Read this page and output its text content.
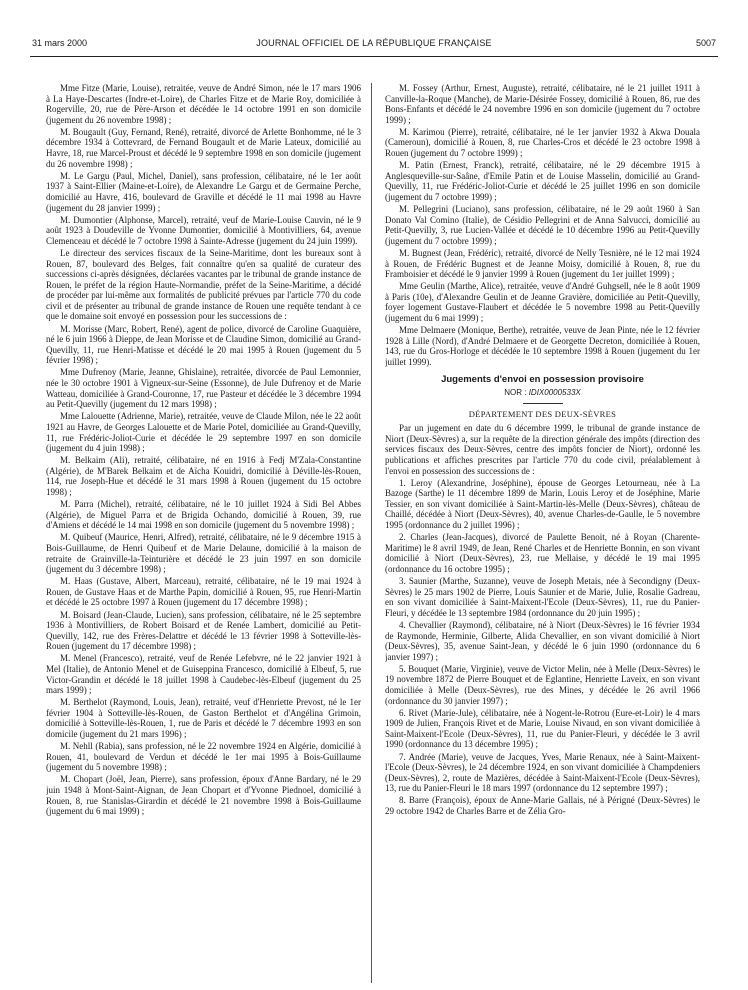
31 mars 2000	JOURNAL OFFICIEL DE LA RÉPUBLIQUE FRANÇAISE	5007

Mme Fitze (Marie, Louise), retraitée, veuve de André Simon, née le 17 mars 1906 à La Haye-Descartes (Indre-et-Loire), de Charles Fitze et de Marie Roy, domiciliée à Rogerville, 20, rue de Père-Arson et décédée le 14 octobre 1991 en son domicile (jugement du 26 novembre 1998) ;

M. Bougault (Guy, Fernand, René), retraité, divorcé de Arlette Bonhomme, né le 3 décembre 1934 à Cottevrard, de Fernand Bougault et de Marie Lateux, domicilié au Havre, 18, rue Marcel-Proust et décédé le 9 septembre 1998 en son domicile (jugement du 26 novembre 1998) ;

M. Le Gargu (Paul, Michel, Daniel), sans profession, célibataire, né le 1er août 1937 à Saint-Ellier (Maine-et-Loire), de Alexandre Le Gargu et de Germaine Perche, domicilié au Havre, 416, boulevard de Graville et décédé le 11 mai 1998 au Havre (jugement du 28 janvier 1999) ;

M. Dumontier (Alphonse, Marcel), retraité, veuf de Marie-Louise Cauvin, né le 9 août 1923 à Doudeville de Yvonne Dumontier, domicilié à Montivilliers, 64, avenue Clemenceau et décédé le 7 octobre 1998 à Sainte-Adresse (jugement du 24 juin 1999).

Le directeur des services fiscaux de la Seine-Maritime, dont les bureaux sont à Rouen, 87, boulevard des Belges, fait connaître qu'en sa qualité de curateur des successions ci-après désignées, déclarées vacantes par le tribunal de grande instance de Rouen, le préfet de la région Haute-Normandie, préfet de la Seine-Maritime, a décidé de procéder par lui-même aux formalités de publicité prévues par l'article 770 du code civil et de présenter au tribunal de grande instance de Rouen une requête tendant à ce que le domaine soit envoyé en possession pour les successions de :

M. Morisse (Marc, Robert, René), agent de police, divorcé de Caroline Guaquière, né le 6 juin 1966 à Dieppe, de Jean Morisse et de Claudine Simon, domicilié au Grand-Quevilly, 11, rue Henri-Matisse et décédé le 20 mai 1995 à Rouen (jugement du 5 février 1998) ;

Mme Dufrenoy (Marie, Jeanne, Ghislaine), retraitée, divorcée de Paul Lemonnier, née le 30 octobre 1901 à Vigneux-sur-Seine (Essonne), de Jule Dufrenoy et de Marie Watteau, domiciliée à Grand-Couronne, 17, rue Pasteur et décédée le 3 décembre 1994 au Petit-Quevilly (jugement du 12 mars 1998) ;

Mme Lalouette (Adrienne, Marie), retraitée, veuve de Claude Milon, née le 22 août 1921 au Havre, de Georges Lalouette et de Marie Potel, domiciliée au Grand-Quevilly, 11, rue Frédéric-Joliot-Curie et décédée le 29 septembre 1997 en son domicile (jugement du 4 juin 1998) ;

M. Belkaim (Ali), retraité, célibataire, né en 1916 à Fedj M'Zala-Constantine (Algérie), de M'Barek Belkaim et de Aïcha Kouidri, domicilié à Déville-lès-Rouen, 114, rue Joseph-Hue et décédé le 31 mars 1998 à Rouen (jugement du 15 octobre 1998) ;

M. Parra (Michel), retraité, célibataire, né le 10 juillet 1924 à Sidi Bel Abbes (Algérie), de Miguel Parra et de Brigida Ochando, domicilié à Rouen, 39, rue d'Amiens et décédé le 14 mai 1998 en son domicile (jugement du 5 novembre 1998) ;

M. Quibeuf (Maurice, Henri, Alfred), retraité, célibataire, né le 9 décembre 1915 à Bois-Guillaume, de Henri Quibeuf et de Marie Delaune, domicilié à la maison de retraite de Grainville-la-Teinturière et décédé le 23 juin 1997 en son domicile (jugement du 3 décembre 1998) ;

M. Haas (Gustave, Albert, Marceau), retraité, célibataire, né le 19 mai 1924 à Rouen, de Gustave Haas et de Marthe Papin, domicilié à Rouen, 95, rue Henri-Martin et décédé le 25 octobre 1997 à Rouen (jugement du 17 décembre 1998) ;

M. Boisard (Jean-Claude, Lucien), sans profession, célibataire, né le 25 septembre 1936 à Montivilliers, de Robert Boisard et de Renée Lambert, domicilié au Petit-Quevilly, 142, rue des Frères-Delattre et décédé le 13 février 1998 à Sotteville-lès-Rouen (jugement du 17 décembre 1998) ;

M. Menel (Francesco), retraité, veuf de Renée Lefebvre, né le 22 janvier 1921 à Mel (Italie), de Antonio Menel et de Guiseppina Francesco, domicilié à Elbeuf, 5, rue Victor-Grandin et décédé le 18 juillet 1998 à Caudebec-lès-Elbeuf (jugement du 25 mars 1999) ;

M. Berthelot (Raymond, Louis, Jean), retraité, veuf d'Henriette Prevost, né le 1er février 1904 à Sotteville-lès-Rouen, de Gaston Berthelot et d'Angélina Grimoin, domicilié à Sotteville-lès-Rouen, 1, rue de Paris et décédé le 7 décembre 1993 en son domicile (jugement du 21 mars 1996) ;

M. Nehll (Rabia), sans profession, né le 22 novembre 1924 en Algérie, domicilié à Rouen, 41, boulevard de Verdun et décédé le 1er mai 1995 à Bois-Guillaume (jugement du 5 novembre 1998) ;

M. Chopart (Joël, Jean, Pierre), sans profession, époux d'Anne Bardary, né le 29 juin 1948 à Mont-Saint-Aignan, de Jean Chopart et d'Yvonne Piednoel, domicilié à Rouen, 8, rue Stanislas-Girardin et décédé le 21 novembre 1998 à Bois-Guillaume (jugement du 6 mai 1999) ;

M. Fossey (Arthur, Ernest, Auguste), retraité, célibataire, né le 21 juillet 1911 à Canville-la-Roque (Manche), de Marie-Désirée Fossey, domicilié à Rouen, 86, rue des Bons-Enfants et décédé le 24 novembre 1996 en son domicile (jugement du 7 octobre 1999) ;

M. Karimou (Pierre), retraité, célibataire, né le 1er janvier 1932 à Akwa Douala (Cameroun), domicilié à Rouen, 8, rue Charles-Cros et décédé le 23 octobre 1998 à Rouen (jugement du 7 octobre 1999) ;

M. Patin (Ernest, Franck), retraité, célibataire, né le 29 décembre 1915 à Anglesqueville-sur-Saâne, d'Emile Patin et de Louise Masselin, domicilié au Grand-Quevilly, 11, rue Frédéric-Joliot-Curie et décédé le 25 juillet 1996 en son domicile (jugement du 7 octobre 1999) ;

M. Pellegrini (Luciano), sans profession, célibataire, né le 29 août 1960 à San Donato Val Comino (Italie), de Césidio Pellegrini et de Anna Salvucci, domicilié au Petit-Quevilly, 3, rue Lucien-Vallée et décédé le 10 décembre 1996 au Petit-Quevilly (jugement du 7 octobre 1999) ;

M. Bugnest (Jean, Frédéric), retraité, divorcé de Nelly Tesnière, né le 12 mai 1924 à Rouen, de Frédéric Bugnest et de Jeanne Moisy, domicilié à Rouen, 8, rue du Framboisier et décédé le 9 janvier 1999 à Rouen (jugement du 1er juillet 1999) ;

Mme Geulin (Marthe, Alice), retraitée, veuve d'André Guhgsell, née le 8 août 1909 à Paris (10e), d'Alexandre Geulin et de Jeanne Gravière, domiciliée au Petit-Quevilly, foyer logement Gustave-Flaubert et décédée le 5 novembre 1998 au Petit-Quevilly (jugement du 6 mai 1999) ;

Mme Delmaere (Monique, Berthe), retraitée, veuve de Jean Pinte, née le 12 février 1928 à Lille (Nord), d'André Delmaere et de Georgette Decreton, domiciliée à Rouen, 143, rue du Gros-Horloge et décédée le 10 septembre 1998 à Rouen (jugement du 1er juillet 1999).

Jugements d'envoi en possession provisoire
NOR : IDIX0000533X
DÉPARTEMENT DES DEUX-SÈVRES

Par un jugement en date du 6 décembre 1999, le tribunal de grande instance de Niort (Deux-Sèvres) a, sur la requête de la direction générale des impôts (direction des services fiscaux des Deux-Sèvres, centre des impôts foncier de Niort), ordonné les publications et affiches prescrites par l'article 770 du code civil, préalablement à l'envoi en possession des successions de :

1. Leroy (Alexandrine, Joséphine), épouse de Georges Letourneau, née à La Bazoge (Sarthe) le 11 décembre 1899 de Marin, Louis Leroy et de Joséphine, Marie Tessier, en son vivant domiciliée à Saint-Martin-lès-Melle (Deux-Sèvres), château de Chaillé, décédée à Niort (Deux-Sèvres), 40, avenue Charles-de-Gaulle, le 5 novembre 1995 (ordonnance du 2 juillet 1996) ;

2. Charles (Jean-Jacques), divorcé de Paulette Benoit, né à Royan (Charente-Maritime) le 8 avril 1949, de Jean, René Charles et de Henriette Bonnin, en son vivant domicilié à Niort (Deux-Sèvres), 23, rue Mellaise, y décédé le 19 mai 1995 (ordonnance du 16 octobre 1995) ;

3. Saunier (Marthe, Suzanne), veuve de Joseph Metais, née à Secondigny (Deux-Sèvres) le 25 mars 1902 de Pierre, Louis Saunier et de Marie, Julie, Rosalie Gadreau, en son vivant domiciliée à Saint-Maixent-l'Ecole (Deux-Sèvres), 11, rue du Panier-Fleuri, y décédée le 13 septembre 1984 (ordonnance du 20 juin 1995) ;

4. Chevallier (Raymond), célibataire, né à Niort (Deux-Sèvres) le 16 février 1934 de Raymonde, Herminie, Gilberte, Alida Chevallier, en son vivant domicilié à Niort (Deux-Sèvres), 35, avenue Saint-Jean, y décédé le 6 juin 1990 (ordonnance du 6 janvier 1997) ;

5. Bouquet (Marie, Virginie), veuve de Victor Melin, née à Melle (Deux-Sèvres) le 19 novembre 1872 de Pierre Bouquet et de Eglantine, Henriette Laveix, en son vivant domiciliée à Melle (Deux-Sèvres), rue des Mines, y décédée le 26 avril 1966 (ordonnance du 30 janvier 1997) ;

6. Rivet (Marie-Jule), célibataire, née à Nogent-le-Rotrou (Eure-et-Loir) le 4 mars 1909 de Julien, François Rivet et de Marie, Louise Nivaud, en son vivant domiciliée à Saint-Maixent-l'Ecole (Deux-Sèvres), 11, rue du Panier-Fleuri, y décédée le 3 avril 1990 (ordonnance du 13 décembre 1995) ;

7. Andrée (Marie), veuve de Jacques, Yves, Marie Renaux, née à Saint-Maixent-l'Ecole (Deux-Sèvres), le 24 décembre 1924, en son vivant domiciliée à Champdeniers (Deux-Sèvres), 2, route de Mazières, décédée à Saint-Maixent-l'Ecole (Deux-Sèvres), 13, rue du Panier-Fleuri le 18 mars 1997 (ordonnance du 12 septembre 1997) ;

8. Barre (François), époux de Anne-Marie Gallais, né à Périgné (Deux-Sèvres) le 29 octobre 1942 de Charles Barre et de Zélia Gro-
